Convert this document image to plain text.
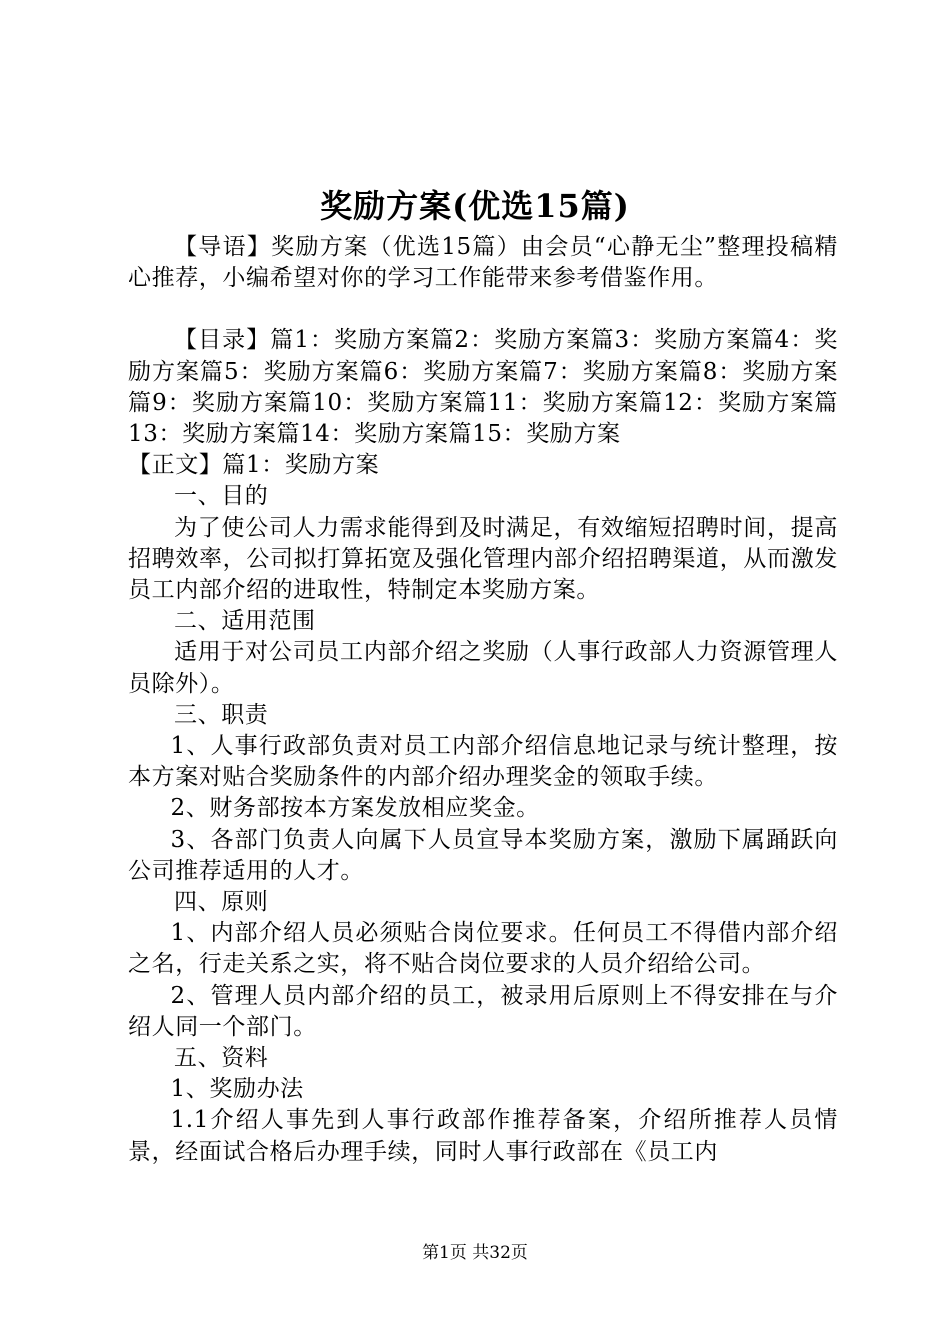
奖励方案(优选15篇)

【导语】奖励方案（优选15篇）由会员“心静无尘”整理投稿精心推荐，小编希望对你的学习工作能带来参考借鉴作用。

【目录】篇1：奖励方案篇2：奖励方案篇3：奖励方案篇4：奖励方案篇5：奖励方案篇6：奖励方案篇7：奖励方案篇8：奖励方案篇9：奖励方案篇10：奖励方案篇11：奖励方案篇12：奖励方案篇13：奖励方案篇14：奖励方案篇15：奖励方案

【正文】篇1：奖励方案

一、目的

为了使公司人力需求能得到及时满足，有效缩短招聘时间，提高招聘效率，公司拟打算拓宽及强化管理内部介绍招聘渠道，从而激发员工内部介绍的进取性，特制定本奖励方案。

二、适用范围

适用于对公司员工内部介绍之奖励（人事行政部人力资源管理人员除外）。

三、职责

1、人事行政部负责对员工内部介绍信息地记录与统计整理，按本方案对贴合奖励条件的内部介绍办理奖金的领取手续。

2、财务部按本方案发放相应奖金。

3、各部门负责人向属下人员宣导本奖励方案，激励下属踊跃向公司推荐适用的人才。

四、原则

1、内部介绍人员必须贴合岗位要求。任何员工不得借内部介绍之名，行走关系之实，将不贴合岗位要求的人员介绍给公司。

2、管理人员内部介绍的员工，被录用后原则上不得安排在与介绍人同一个部门。

五、资料

1、奖励办法

1.1介绍人事先到人事行政部作推荐备案，介绍所推荐人员情景，经面试合格后办理手续，同时人事行政部在《员工内

第1页 共32页
